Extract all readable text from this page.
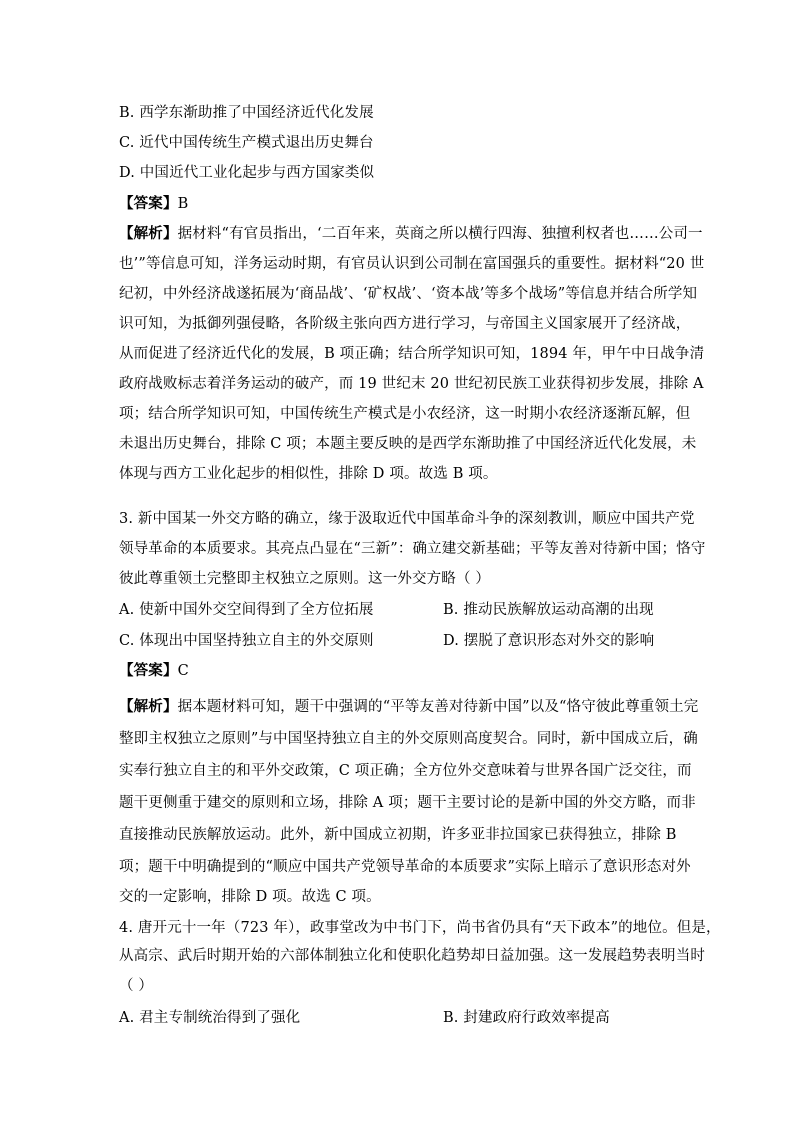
B. 西学东渐助推了中国经济近代化发展
C. 近代中国传统生产模式退出历史舞台
D. 中国近代工业化起步与西方国家类似
【答案】B
【解析】据材料“有官员指出，‘二百年来，英商之所以横行四海、独擅利权者也……公司一
也’”等信息可知，洋务运动时期，有官员认识到公司制在富国强兵的重要性。据材料“20 世
纪初，中外经济战遂拓展为‘商品战’、‘矿权战’、‘资本战’等多个战场”等信息并结合所学知
识可知，为抵御列强侵略，各阶级主张向西方进行学习，与帝国主义国家展开了经济战，
从而促进了经济近代化的发展，B 项正确；结合所学知识可知，1894 年，甲午中日战争清
政府战败标志着洋务运动的破产，而 19 世纪末 20 世纪初民族工业获得初步发展，排除 A
项；结合所学知识可知，中国传统生产模式是小农经济，这一时期小农经济逐渐瓦解，但
未退出历史舞台，排除 C 项；本题主要反映的是西学东渐助推了中国经济近代化发展，未
体现与西方工业化起步的相似性，排除 D 项。故选 B 项。
3. 新中国某一外交方略的确立，缘于汲取近代中国革命斗争的深刻教训，顺应中国共产党
领导革命的本质要求。其亮点凸显在“三新”：确立建交新基础；平等友善对待新中国；恪守
彼此尊重领土完整即主权独立之原则。这一外交方略（ ）
A. 使新中国外交空间得到了全方位拓展	B. 推动民族解放运动高潮的出现
C. 体现出中国坚持独立自主的外交原则	D. 摆脱了意识形态对外交的影响
【答案】C
【解析】据本题材料可知，题干中强调的“平等友善对待新中国”以及“恪守彼此尊重领土完
整即主权独立之原则”与中国坚持独立自主的外交原则高度契合。同时，新中国成立后，确
实奉行独立自主的和平外交政策，C 项正确；全方位外交意味着与世界各国广泛交往，而
题干更侧重于建交的原则和立场，排除 A 项；题干主要讨论的是新中国的外交方略，而非
直接推动民族解放运动。此外，新中国成立初期，许多亚非拉国家已获得独立，排除 B
项；题干中明确提到的“顺应中国共产党领导革命的本质要求”实际上暗示了意识形态对外
交的一定影响，排除 D 项。故选 C 项。
4. 唐开元十一年（723 年），政事堂改为中书门下，尚书省仍具有“天下政本”的地位。但是，
从高宗、武后时期开始的六部体制独立化和使职化趋势却日益加强。这一发展趋势表明当时
（ ）
A. 君主专制统治得到了强化	B. 封建政府行政效率提高
